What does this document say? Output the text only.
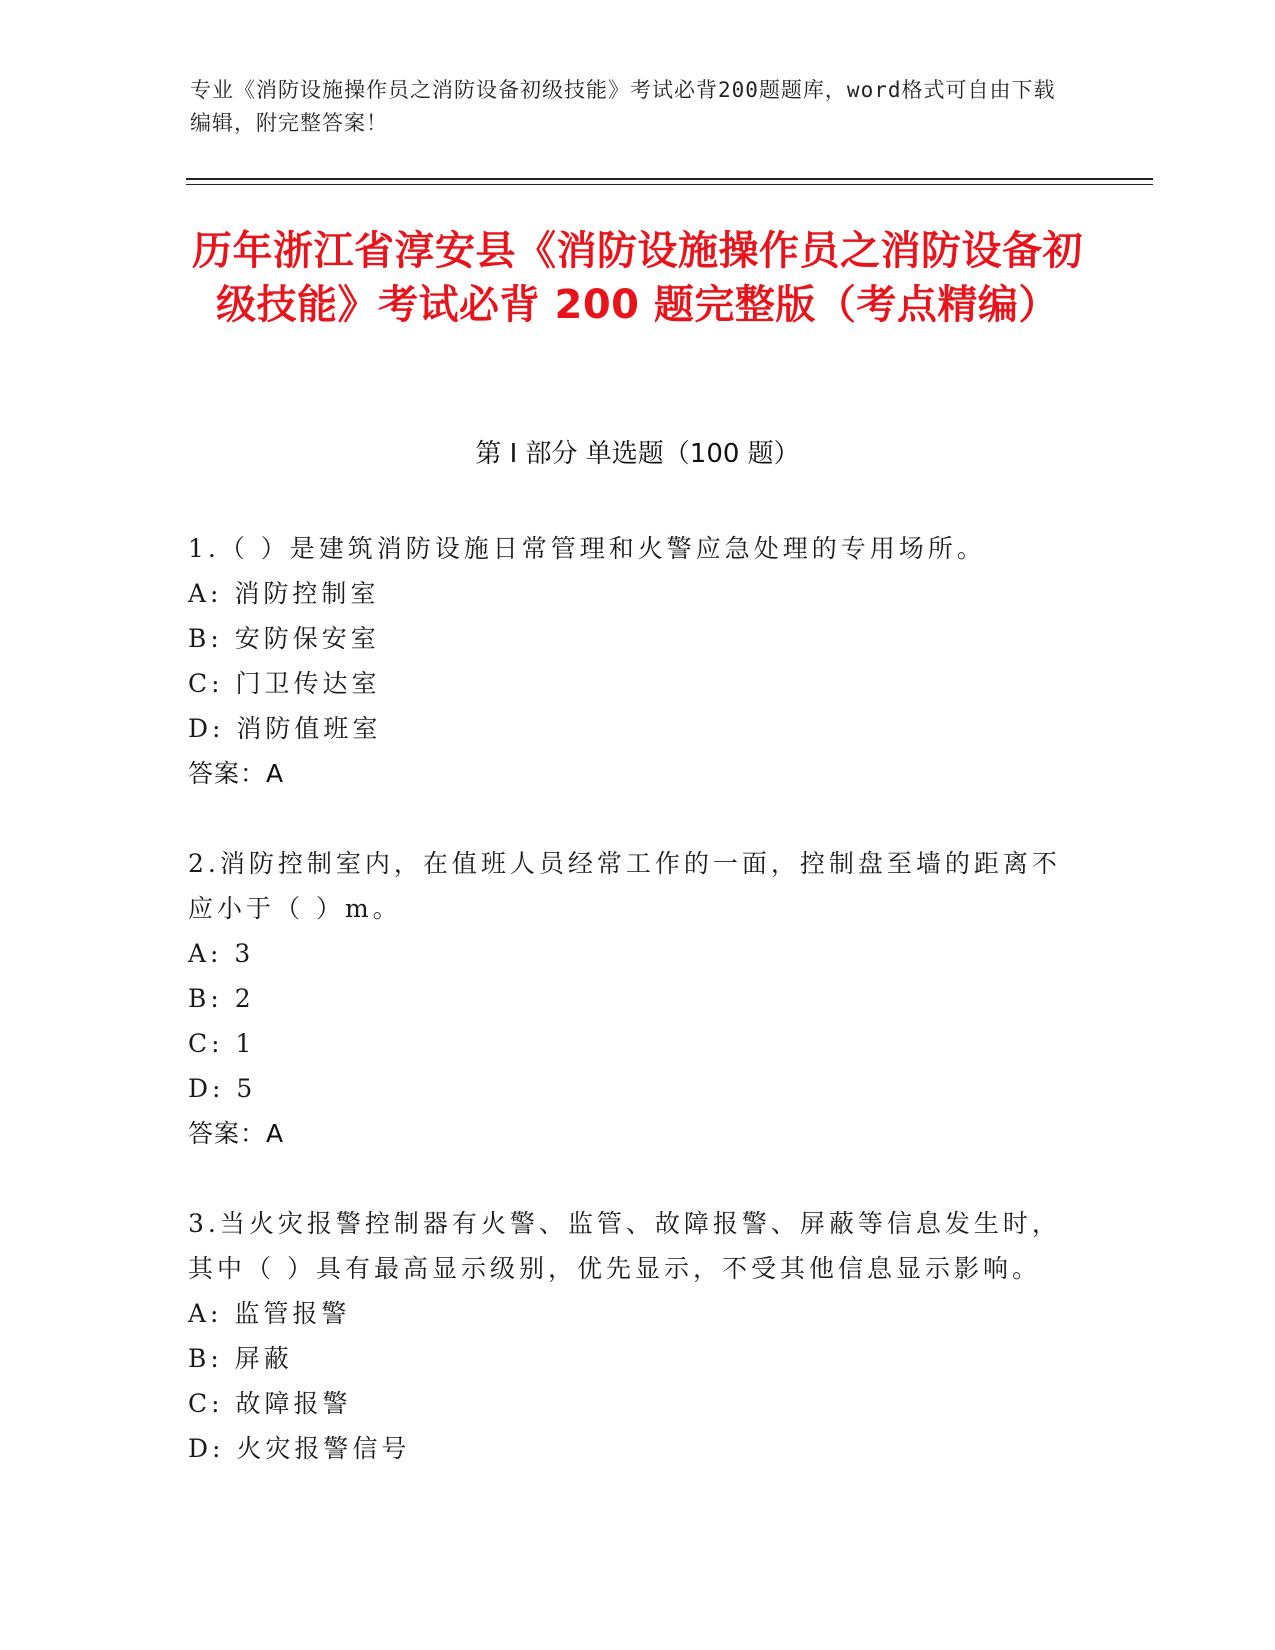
专业《消防设施操作员之消防设备初级技能》考试必背200题题库，word格式可自由下载编辑，附完整答案！
历年浙江省淳安县《消防设施操作员之消防设备初级技能》考试必背 200 题完整版（考点精编）
第 I 部分 单选题（100 题）
1.（ ）是建筑消防设施日常管理和火警应急处理的专用场所。
A: 消防控制室
B: 安防保安室
C: 门卫传达室
D: 消防值班室
答案：A
2.消防控制室内，在值班人员经常工作的一面，控制盘至墙的距离不应小于（ ）m。
A: 3
B: 2
C: 1
D: 5
答案：A
3.当火灾报警控制器有火警、监管、故障报警、屏蔽等信息发生时，其中（ ）具有最高显示级别，优先显示，不受其他信息显示影响。
A: 监管报警
B: 屏蔽
C: 故障报警
D: 火灾报警信号
